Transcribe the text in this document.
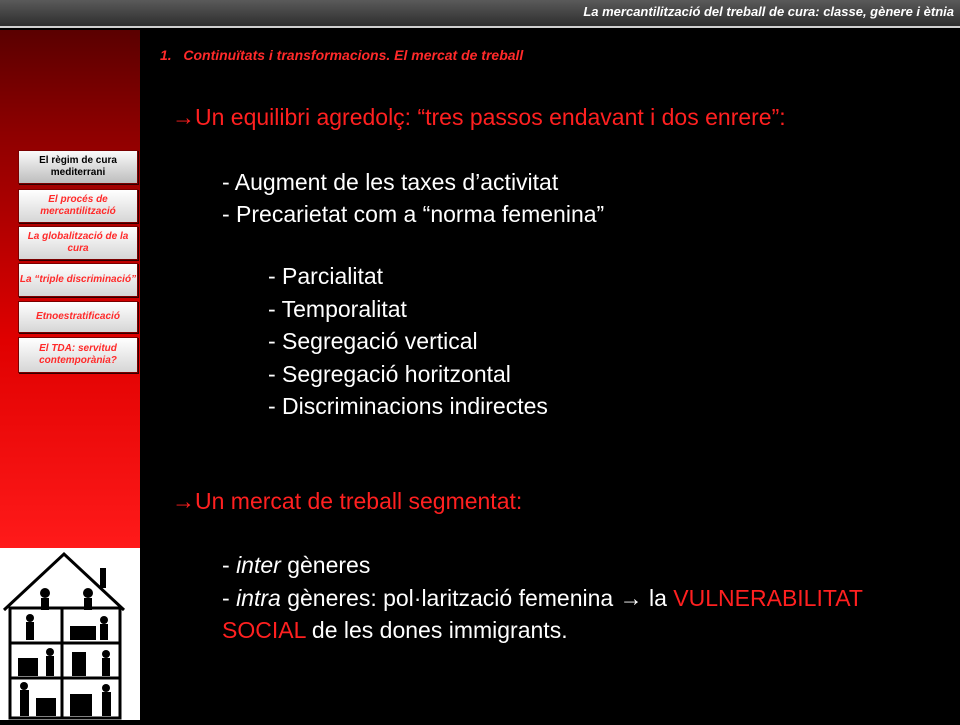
La mercantilització del treball de cura: classe, gènere i ètnia
El règim de cura mediterrani
El procés de mercantilització
La globalització de la cura
La “triple discriminació”
Etnoestratificació
El TDA: servitud contemporània?
1. Continuïtats i transformacions. El mercat de treball
→Un equilibri agredolç: “tres passos endavant i dos enrere”:
- Augment de les taxes d’activitat
- Precarietat com a “norma femenina”
- Parcialitat
- Temporalitat
- Segregació vertical
- Segregació horitzontal
- Discriminacions indirectes
→Un mercat de treball segmentat:
- inter gèneres
- intra gèneres: pol·larització femenina → la VULNERABILITAT
SOCIAL de les dones immigrants.
